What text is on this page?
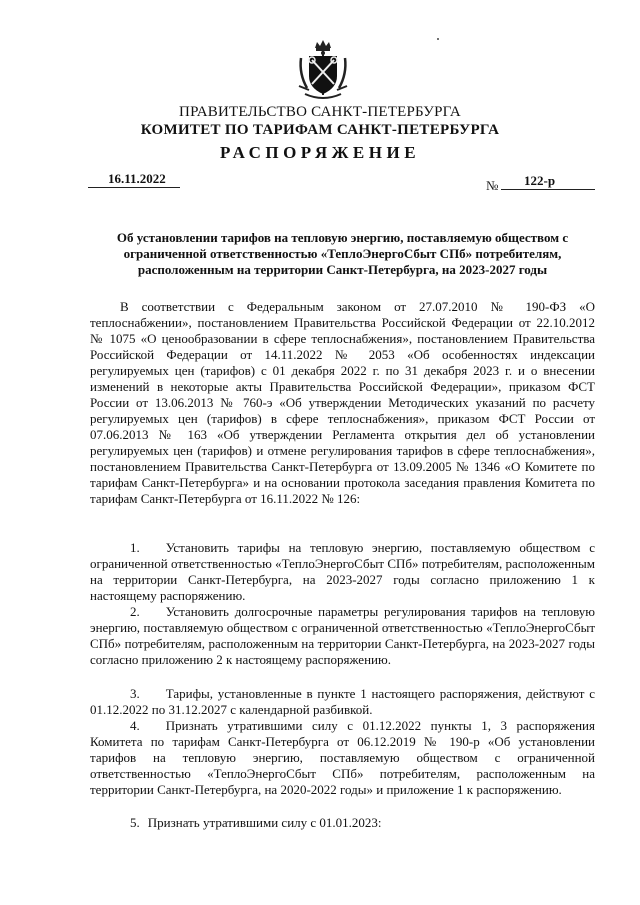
ПРАВИТЕЛЬСТВО САНКТ-ПЕТЕРБУРГА
КОМИТЕТ ПО ТАРИФАМ САНКТ-ПЕТЕРБУРГА
РАСПОРЯЖЕНИЕ
16.11.2022	№ 122-р
Об установлении тарифов на тепловую энергию, поставляемую обществом с ограниченной ответственностью «ТеплоЭнергоСбыт СПб» потребителям, расположенным на территории Санкт-Петербурга, на 2023-2027 годы
В соответствии с Федеральным законом от 27.07.2010 № 190-ФЗ «О теплоснабжении», постановлением Правительства Российской Федерации от 22.10.2012 № 1075 «О ценообразовании в сфере теплоснабжения», постановлением Правительства Российской Федерации от 14.11.2022 № 2053 «Об особенностях индексации регулируемых цен (тарифов) с 01 декабря 2022 г. по 31 декабря 2023 г. и о внесении изменений в некоторые акты Правительства Российской Федерации», приказом ФСТ России от 13.06.2013 № 760-э «Об утверждении Методических указаний по расчету регулируемых цен (тарифов) в сфере теплоснабжения», приказом ФСТ России от 07.06.2013 № 163 «Об утверждении Регламента открытия дел об установлении регулируемых цен (тарифов) и отмене регулирования тарифов в сфере теплоснабжения», постановлением Правительства Санкт-Петербурга от 13.09.2005 № 1346 «О Комитете по тарифам Санкт-Петербурга» и на основании протокола заседания правления Комитета по тарифам Санкт-Петербурга от 16.11.2022 № 126:
1. Установить тарифы на тепловую энергию, поставляемую обществом с ограниченной ответственностью «ТеплоЭнергоСбыт СПб» потребителям, расположенным на территории Санкт-Петербурга, на 2023-2027 годы согласно приложению 1 к настоящему распоряжению.
2. Установить долгосрочные параметры регулирования тарифов на тепловую энергию, поставляемую обществом с ограниченной ответственностью «ТеплоЭнергоСбыт СПб» потребителям, расположенным на территории Санкт-Петербурга, на 2023-2027 годы согласно приложению 2 к настоящему распоряжению.
3. Тарифы, установленные в пункте 1 настоящего распоряжения, действуют с 01.12.2022 по 31.12.2027 с календарной разбивкой.
4. Признать утратившими силу с 01.12.2022 пункты 1, 3 распоряжения Комитета по тарифам Санкт-Петербурга от 06.12.2019 № 190-р «Об установлении тарифов на тепловую энергию, поставляемую обществом с ограниченной ответственностью «ТеплоЭнергоСбыт СПб» потребителям, расположенным на территории Санкт-Петербурга, на 2020-2022 годы» и приложение 1 к распоряжению.
5. Признать утратившими силу с 01.01.2023:
